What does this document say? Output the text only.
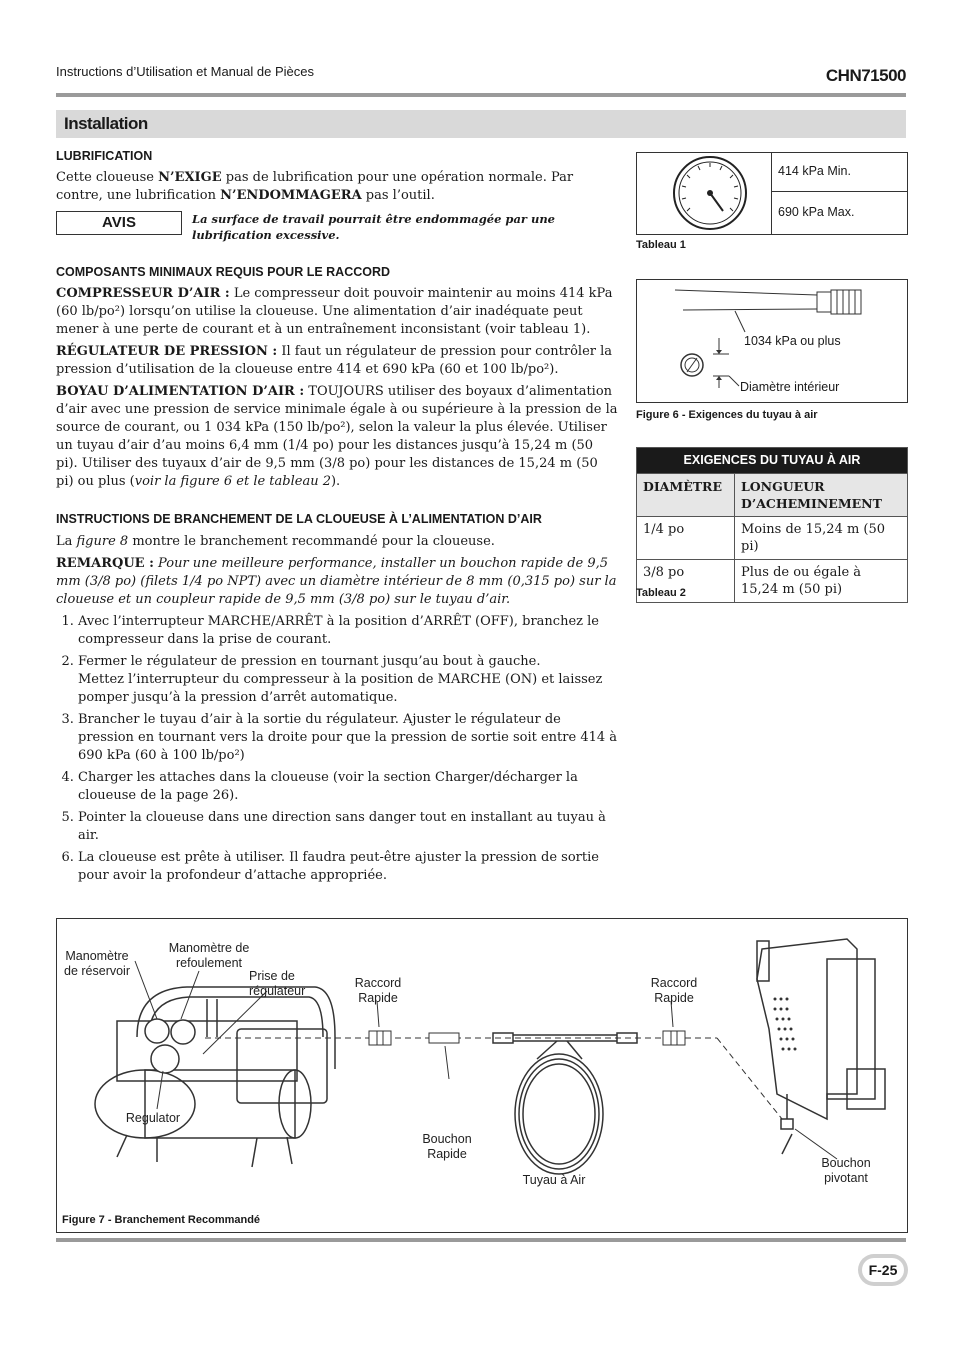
Instructions d’Utilisation et Manual de Pièces	CHN71500
Installation
LUBRIFICATION

Cette cloueuse N’EXIGE pas de lubrification pour une opération normale. Par contre, une lubrification N’ENDOMMAGERA pas l’outil.

AVIS	La surface de travail pourrait être endommagée par une lubrification excessive.
COMPOSANTS MINIMAUX REQUIS POUR LE RACCORD

COMPRESSEUR D’AIR : Le compresseur doit pouvoir maintenir au moins 414 kPa (60 lb/po²) lorsqu’on utilise la cloueuse. Une alimentation d’air inadéquate peut mener à une perte de courant et à un entraînement inconsistant (voir tableau 1).

RÉGULATEUR DE PRESSION : Il faut un régulateur de pression pour contrôler la pression d’utilisation de la cloueuse entre 414 et 690 kPa (60 et 100 lb/po²).

BOYAU D’ALIMENTATION D’AIR : TOUJOURS utiliser des boyaux d’alimentation d’air avec une pression de service minimale égale à ou supérieure à la pression de la source de courant, ou 1 034 kPa (150 lb/po²), selon la valeur la plus élevée. Utiliser un tuyau d’air d’au moins 6,4 mm (1/4 po) pour les distances jusqu’à 15,24 m (50 pi). Utiliser des tuyaux d’air de 9,5 mm (3/8 po) pour les distances de 15,24 m (50 pi) ou plus (voir la figure 6 et le tableau 2).

INSTRUCTIONS DE BRANCHEMENT DE LA CLOUEUSE À L’ALIMENTATION D’AIR

La figure 8 montre le branchement recommandé pour la cloueuse.

REMARQUE : Pour une meilleure performance, installer un bouchon rapide de 9,5 mm (3/8 po) (filets 1/4 po NPT) avec un diamètre intérieur de 8 mm (0,315 po) sur la cloueuse et un coupleur rapide de 9,5 mm (3/8 po) sur le tuyau d’air.

1. Avec l’interrupteur MARCHE/ARRÊT à la position d’ARRÊT (OFF), branchez le compresseur dans la prise de courant.
2. Fermer le régulateur de pression en tournant jusqu’au bout à gauche.
Mettez l’interrupteur du compresseur à la position de MARCHE (ON) et laissez pomper jusqu’à la pression d’arrêt automatique.
3. Brancher le tuyau d’air à la sortie du régulateur. Ajuster le régulateur de pression en tournant vers la droite pour que la pression de sortie soit entre 414 à 690 kPa (60 à 100 lb/po²)
4. Charger les attaches dans la cloueuse (voir la section Charger/décharger la cloueuse de la page 26).
5. Pointer la cloueuse dans une direction sans danger tout en installant au tuyau à air.
6. La cloueuse est prête à utiliser. Il faudra peut-être ajuster la pression de sortie pour avoir la profondeur d’attache appropriée.
414 kPa Min.
690 kPa Max.
Tableau 1
1034 kPa ou plus
Diamètre intérieur
Figure 6 - Exigences du tuyau à air
EXIGENCES DU TUYAU À AIR	
DIAMÈTRE	LONGUEUR D’ACHEMINEMENT
1/4 po	Moins de 15,24 m (50 pi)
3/8 po	Plus de ou égale à 15,24 m (50 pi)
Tableau 2
Manomètre de réservoir
Manomètre de refoulement
Prise de régulateur
Raccord Rapide
Raccord Rapide
Regulator
Bouchon Rapide
Tuyau à Air
Bouchon pivotant
Figure 7 - Branchement Recommandé
F-25
